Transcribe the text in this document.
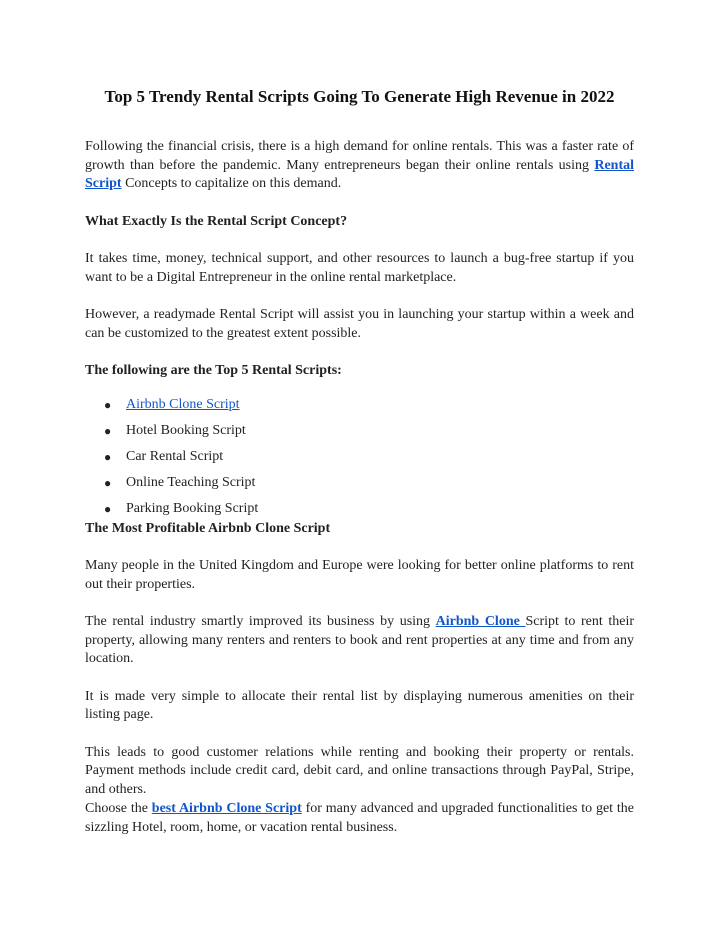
Top 5 Trendy Rental Scripts Going To Generate High Revenue in 2022

Following the financial crisis, there is a high demand for online rentals. This was a faster rate of growth than before the pandemic. Many entrepreneurs began their online rentals using Rental Script Concepts to capitalize on this demand.

What Exactly Is the Rental Script Concept?

It takes time, money, technical support, and other resources to launch a bug-free startup if you want to be a Digital Entrepreneur in the online rental marketplace.

However, a readymade Rental Script will assist you in launching your startup within a week and can be customized to the greatest extent possible.

The following are the Top 5 Rental Scripts:

● Airbnb Clone Script
● Hotel Booking Script
● Car Rental Script
● Online Teaching Script
● Parking Booking Script

The Most Profitable Airbnb Clone Script

Many people in the United Kingdom and Europe were looking for better online platforms to rent out their properties.

The rental industry smartly improved its business by using Airbnb Clone Script to rent their property, allowing many renters and renters to book and rent properties at any time and from any location.

It is made very simple to allocate their rental list by displaying numerous amenities on their listing page.

This leads to good customer relations while renting and booking their property or rentals. Payment methods include credit card, debit card, and online transactions through PayPal, Stripe, and others.

Choose the best Airbnb Clone Script for many advanced and upgraded functionalities to get the sizzling Hotel, room, home, or vacation rental business.
